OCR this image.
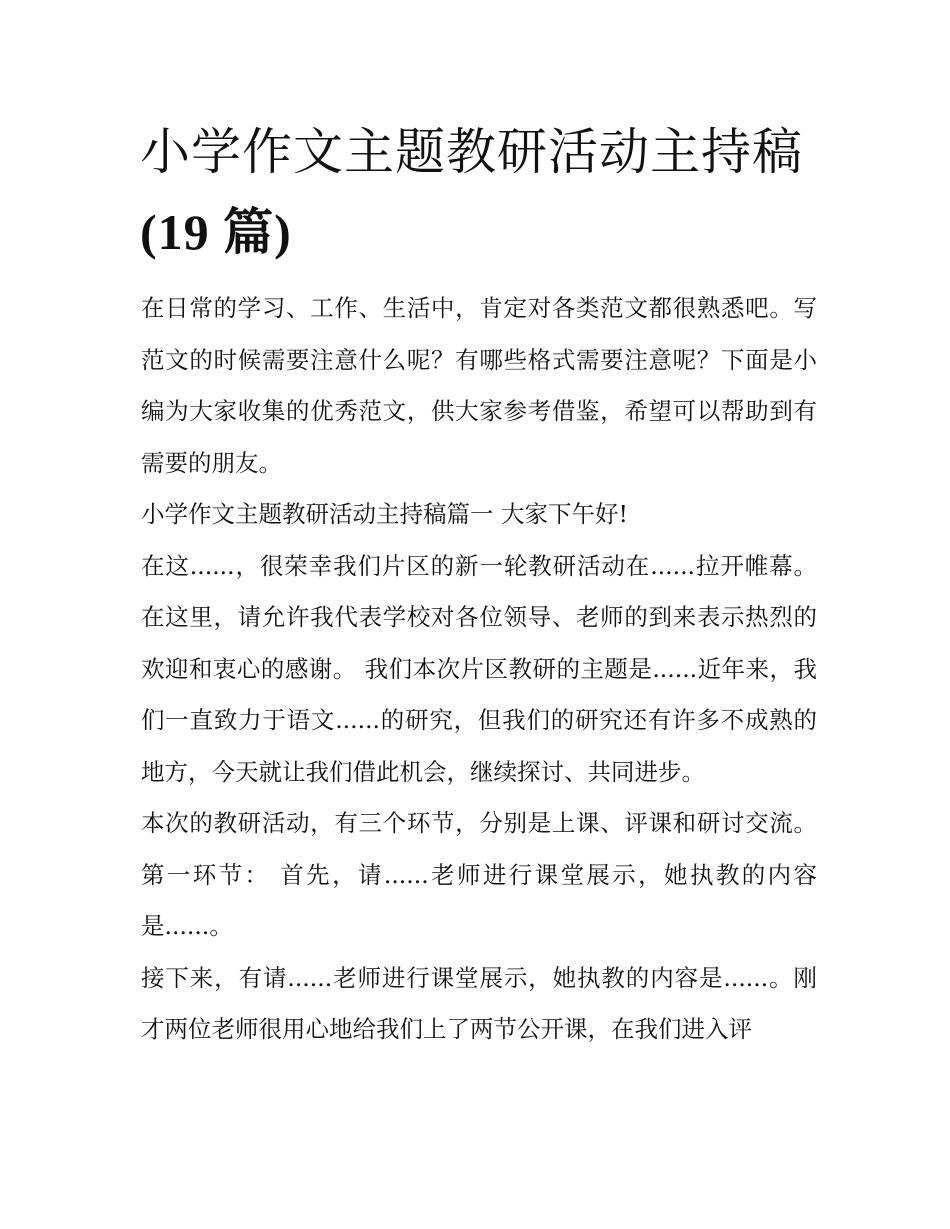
小学作文主题教研活动主持稿
(19 篇)

在日常的学习、工作、生活中，肯定对各类范文都很熟悉吧。写范文的时候需要注意什么呢？有哪些格式需要注意呢？下面是小编为大家收集的优秀范文，供大家参考借鉴，希望可以帮助到有需要的朋友。

小学作文主题教研活动主持稿篇一 大家下午好!

在这......，很荣幸我们片区的新一轮教研活动在......拉开帷幕。在这里，请允许我代表学校对各位领导、老师的到来表示热烈的欢迎和衷心的感谢。 我们本次片区教研的主题是......近年来，我们一直致力于语文......的研究，但我们的研究还有许多不成熟的地方，今天就让我们借此机会，继续探讨、共同进步。

本次的教研活动，有三个环节，分别是上课、评课和研讨交流。 第一环节： 首先，请......老师进行课堂展示，她执教的内容是......。

接下来，有请......老师进行课堂展示，她执教的内容是......。刚才两位老师很用心地给我们上了两节公开课，在我们进入评
